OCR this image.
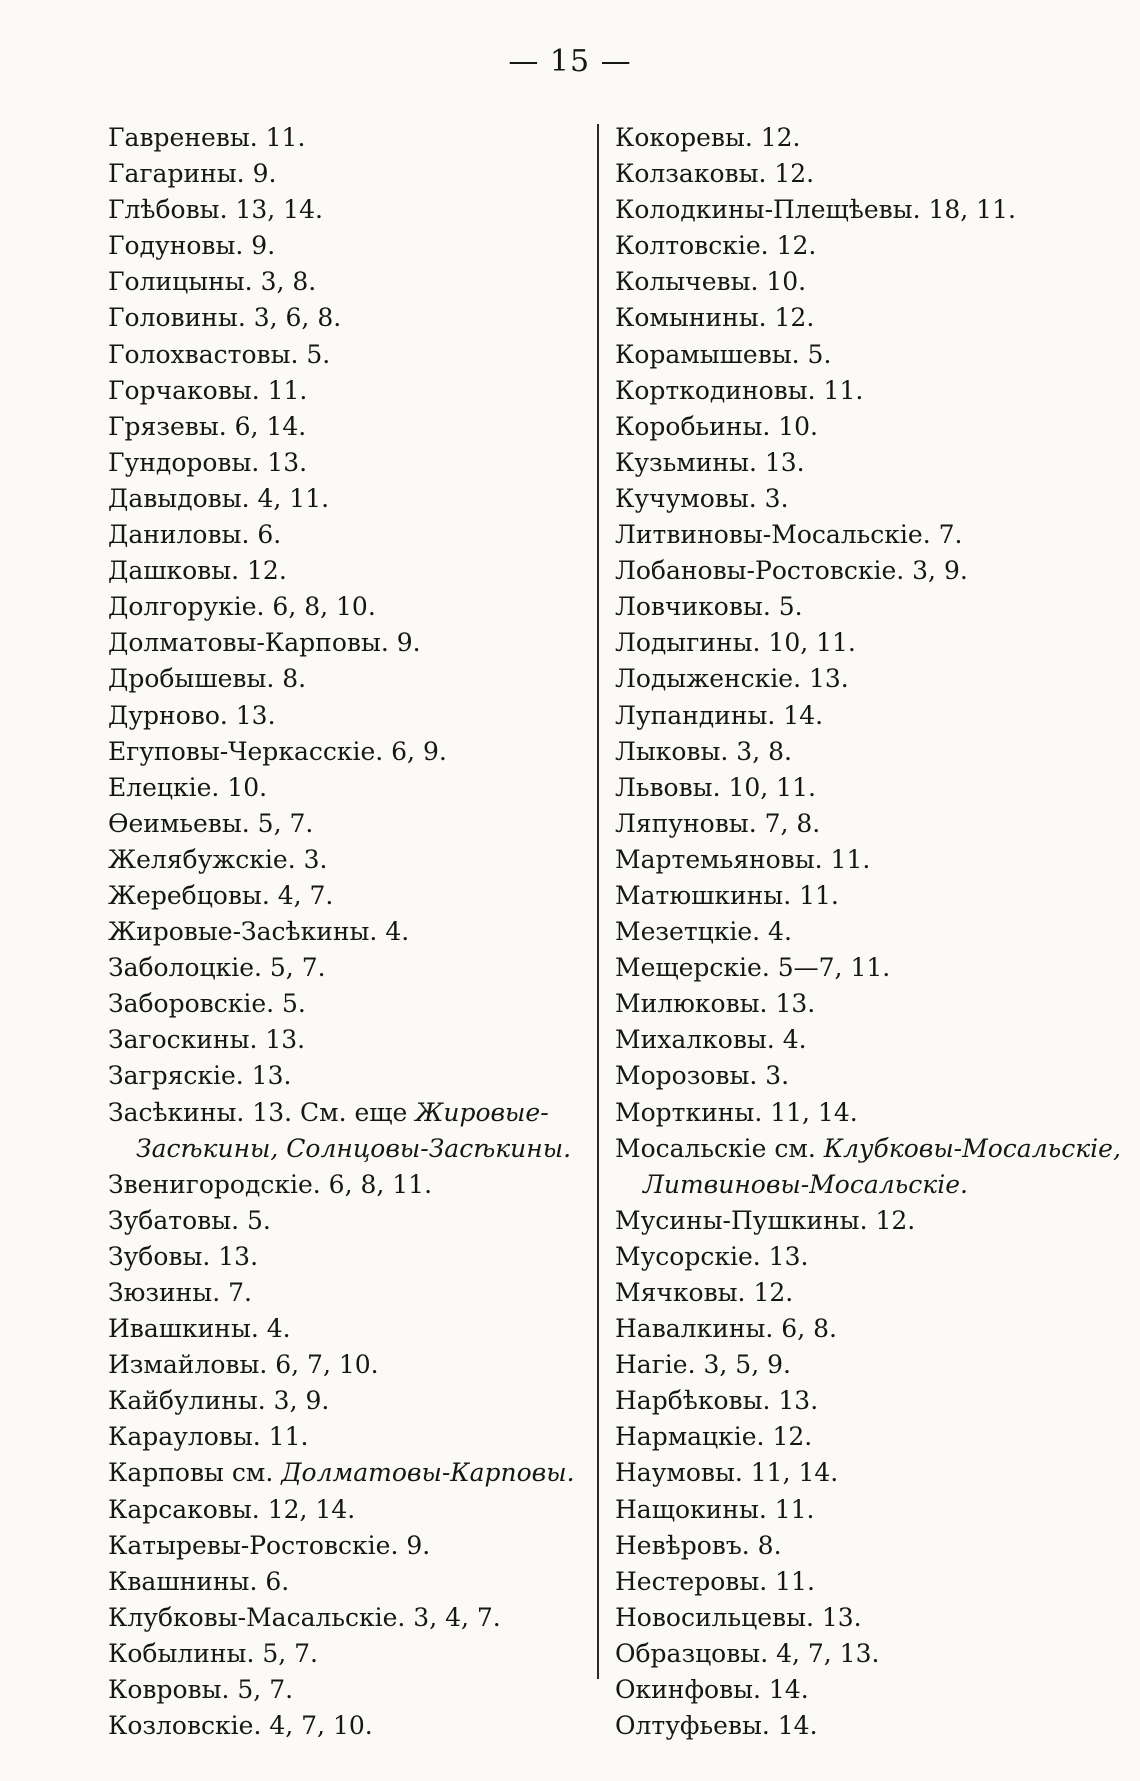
— 15 —
Гавреневы. 11.
Гагарины. 9.
Глѣбовы. 13, 14.
Годуновы. 9.
Голицыны. 3, 8.
Головины. 3, 6, 8.
Голохвастовы. 5.
Горчаковы. 11.
Грязевы. 6, 14.
Гундоровы. 13.
Давыдовы. 4, 11.
Даниловы. 6.
Дашковы. 12.
Долгорукіе. 6, 8, 10.
Долматовы-Карповы. 9.
Дробышевы. 8.
Дурново. 13.
Егуповы-Черкасскіе. 6, 9.
Елецкіе. 10.
Ѳеимьевы. 5, 7.
Желябужскіе. 3.
Жеребцовы. 4, 7.
Жировые-Засѣкины. 4.
Заболоцкіе. 5, 7.
Заборовскіе. 5.
Загоскины. 13.
Загряскіе. 13.
Засѣкины. 13. См. еще Жировые-
Засѣкины, Солнцовы-Засѣкины.
Звенигородскіе. 6, 8, 11.
Зубатовы. 5.
Зубовы. 13.
Зюзины. 7.
Ивашкины. 4.
Измайловы. 6, 7, 10.
Кайбулины. 3, 9.
Карауловы. 11.
Карповы см. Долматовы-Карповы.
Карсаковы. 12, 14.
Катыревы-Ростовскіе. 9.
Квашнины. 6.
Клубковы-Масальскіе. 3, 4, 7.
Кобылины. 5, 7.
Ковровы. 5, 7.
Козловскіе. 4, 7, 10.
Кокоревы. 12.
Колзаковы. 12.
Колодкины-Плещѣевы. 18, 11.
Колтовскіе. 12.
Колычевы. 10.
Комынины. 12.
Корамышевы. 5.
Корткодиновы. 11.
Коробьины. 10.
Кузьмины. 13.
Кучумовы. 3.
Литвиновы-Мосальскіе. 7.
Лобановы-Ростовскіе. 3, 9.
Ловчиковы. 5.
Лодыгины. 10, 11.
Лодыженскіе. 13.
Лупандины. 14.
Лыковы. 3, 8.
Львовы. 10, 11.
Ляпуновы. 7, 8.
Мартемьяновы. 11.
Матюшкины. 11.
Мезетцкіе. 4.
Мещерскіе. 5—7, 11.
Милюковы. 13.
Михалковы. 4.
Морозовы. 3.
Морткины. 11, 14.
Мосальскіе см. Клубковы-Мосальскіе,
Литвиновы-Мосальскіе.
Мусины-Пушкины. 12.
Мусорскіе. 13.
Мячковы. 12.
Навалкины. 6, 8.
Нагіе. 3, 5, 9.
Нарбѣковы. 13.
Нармацкіе. 12.
Наумовы. 11, 14.
Нащокины. 11.
Невѣровъ. 8.
Нестеровы. 11.
Новосильцевы. 13.
Образцовы. 4, 7, 13.
Окинфовы. 14.
Олтуфьевы. 14.
